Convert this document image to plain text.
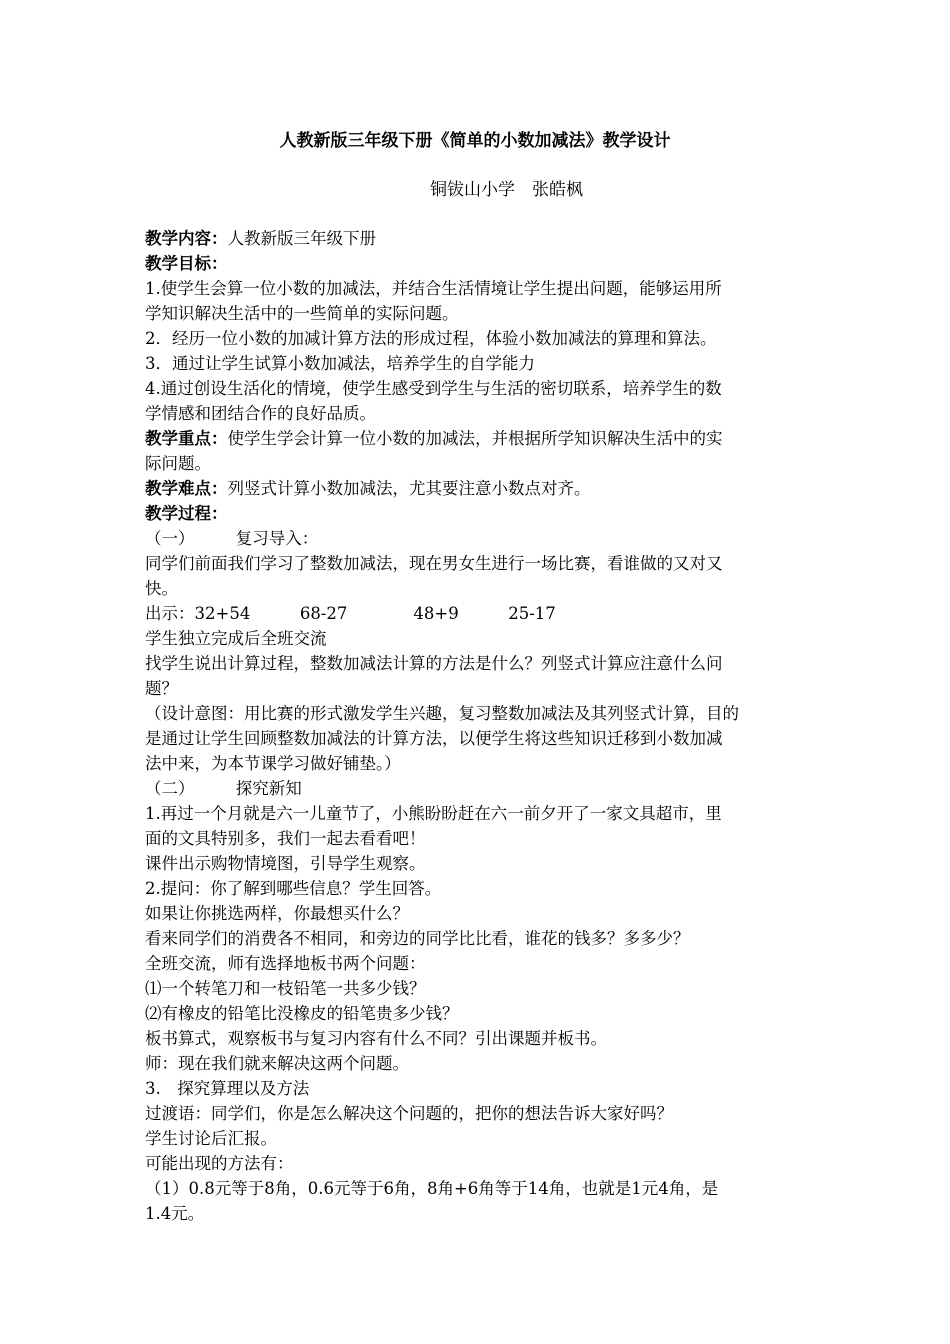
人教新版三年级下册《简单的小数加减法》教学设计
铜钹山小学　张皓枫
教学内容：人教新版三年级下册
教学目标：
1.使学生会算一位小数的加减法，并结合生活情境让学生提出问题，能够运用所
学知识解决生活中的一些简单的实际问题。
2．经历一位小数的加减计算方法的形成过程，体验小数加减法的算理和算法。
3．通过让学生试算小数加减法，培养学生的自学能力
4.通过创设生活化的情境，使学生感受到学生与生活的密切联系，培养学生的数
学情感和团结合作的良好品质。
教学重点：使学生学会计算一位小数的加减法，并根据所学知识解决生活中的实
际问题。
教学难点：列竖式计算小数加减法，尤其要注意小数点对齐。
教学过程：
（一）　　　复习导入：
同学们前面我们学习了整数加减法，现在男女生进行一场比赛，看谁做的又对又
快。
出示：32+54　　　68-27　　　　48+9　　　25-17
学生独立完成后全班交流
找学生说出计算过程，整数加减法计算的方法是什么？列竖式计算应注意什么问
题？
（设计意图：用比赛的形式激发学生兴趣，复习整数加减法及其列竖式计算，目的
是通过让学生回顾整数加减法的计算方法，以便学生将这些知识迁移到小数加减
法中来，为本节课学习做好铺垫。）
（二）　　　探究新知
1.再过一个月就是六一儿童节了，小熊盼盼赶在六一前夕开了一家文具超市，里
面的文具特别多，我们一起去看看吧！
课件出示购物情境图，引导学生观察。
2.提问：你了解到哪些信息？学生回答。
如果让你挑选两样，你最想买什么？
看来同学们的消费各不相同，和旁边的同学比比看，谁花的钱多？多多少？
全班交流，师有选择地板书两个问题：
⑴一个转笔刀和一枝铅笔一共多少钱？
⑵有橡皮的铅笔比没橡皮的铅笔贵多少钱？
板书算式，观察板书与复习内容有什么不同？引出课题并板书。
师：现在我们就来解决这两个问题。
3.　探究算理以及方法
过渡语：同学们，你是怎么解决这个问题的，把你的想法告诉大家好吗？
学生讨论后汇报。
可能出现的方法有：
（1）0.8元等于8角，0.6元等于6角，8角+6角等于14角，也就是1元4角，是
1.4元。
